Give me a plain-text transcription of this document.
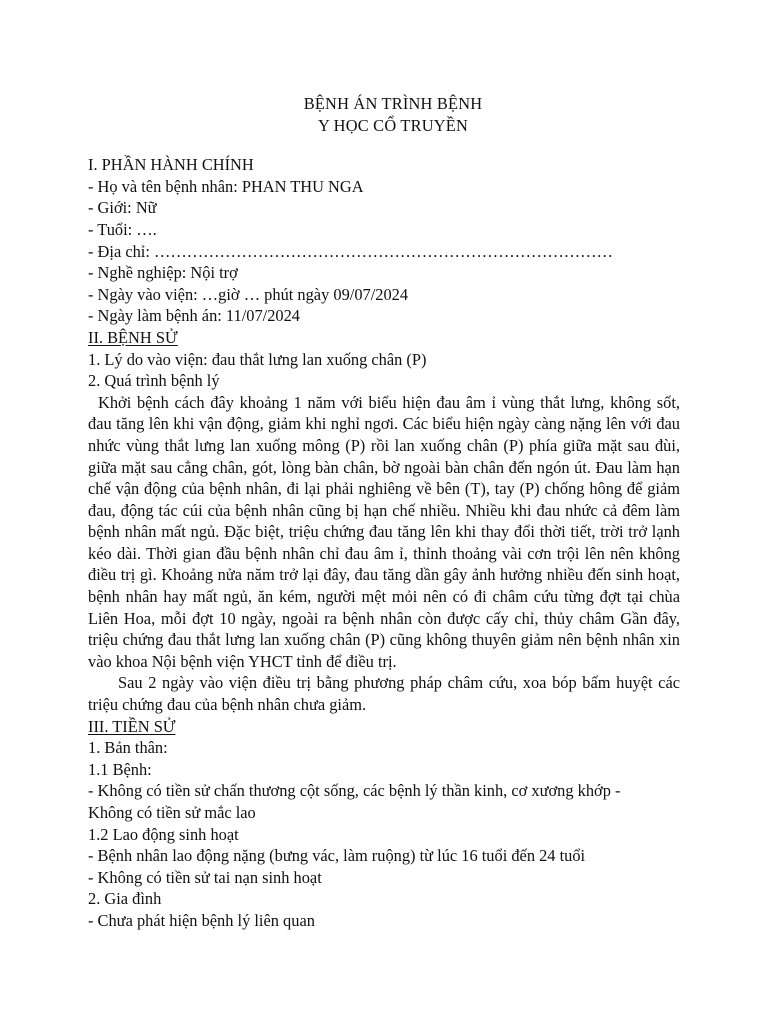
BỆNH ÁN TRÌNH BỆNH
Y HỌC CỔ TRUYỀN
I. PHẦN HÀNH CHÍNH
- Họ và tên bệnh nhân: PHAN THU NGA
- Giới: Nữ
- Tuổi: ….
- Địa chỉ: …………………………………………………………………………
- Nghề nghiệp: Nội trợ
- Ngày vào viện: …giờ … phút ngày 09/07/2024
- Ngày làm bệnh án: 11/07/2024
II. BỆNH SỬ
1. Lý do vào viện: đau thắt lưng lan xuống chân (P)
2. Quá trình bệnh lý

Khởi bệnh cách đây khoảng 1 năm với biểu hiện đau âm ỉ vùng thắt lưng, không sốt, đau tăng lên khi vận động, giảm khi nghỉ ngơi. Các biểu hiện ngày càng nặng lên với đau nhức vùng thắt lưng lan xuống mông (P) rồi lan xuống chân (P) phía giữa mặt sau đùi, giữa mặt sau cẳng chân, gót, lòng bàn chân, bờ ngoài bàn chân đến ngón út. Đau làm hạn chế vận động của bệnh nhân, đi lại phải nghiêng về bên (T), tay (P) chống hông để giảm đau, động tác cúi của bệnh nhân cũng bị hạn chế nhiều. Nhiều khi đau nhức cả đêm làm bệnh nhân mất ngủ. Đặc biệt, triệu chứng đau tăng lên khi thay đổi thời tiết, trời trở lạnh kéo dài. Thời gian đầu bệnh nhân chỉ đau âm ỉ, thỉnh thoảng vài cơn trội lên nên không điều trị gì. Khoảng nửa năm trở lại đây, đau tăng dần gây ảnh hưởng nhiều đến sinh hoạt, bệnh nhân hay mất ngủ, ăn kém, người mệt mỏi nên có đi châm cứu từng đợt tại chùa Liên Hoa, mỗi đợt 10 ngày, ngoài ra bệnh nhân còn được cấy chỉ, thủy châm Gần đây, triệu chứng đau thắt lưng lan xuống chân (P) cũng không thuyên giảm nên bệnh nhân xin vào khoa Nội bệnh viện YHCT tỉnh để điều trị.

Sau 2 ngày vào viện điều trị bằng phương pháp châm cứu, xoa bóp bấm huyệt các triệu chứng đau của bệnh nhân chưa giảm.

III. TIỀN SỬ
1. Bản thân:
1.1 Bệnh:
- Không có tiền sử chấn thương cột sống, các bệnh lý thần kinh, cơ xương khớp -
Không có tiền sử mắc lao
1.2 Lao động sinh hoạt
- Bệnh nhân lao động nặng (bưng vác, làm ruộng) từ lúc 16 tuổi đến 24 tuổi
- Không có tiền sử tai nạn sinh hoạt
2. Gia đình
- Chưa phát hiện bệnh lý liên quan
